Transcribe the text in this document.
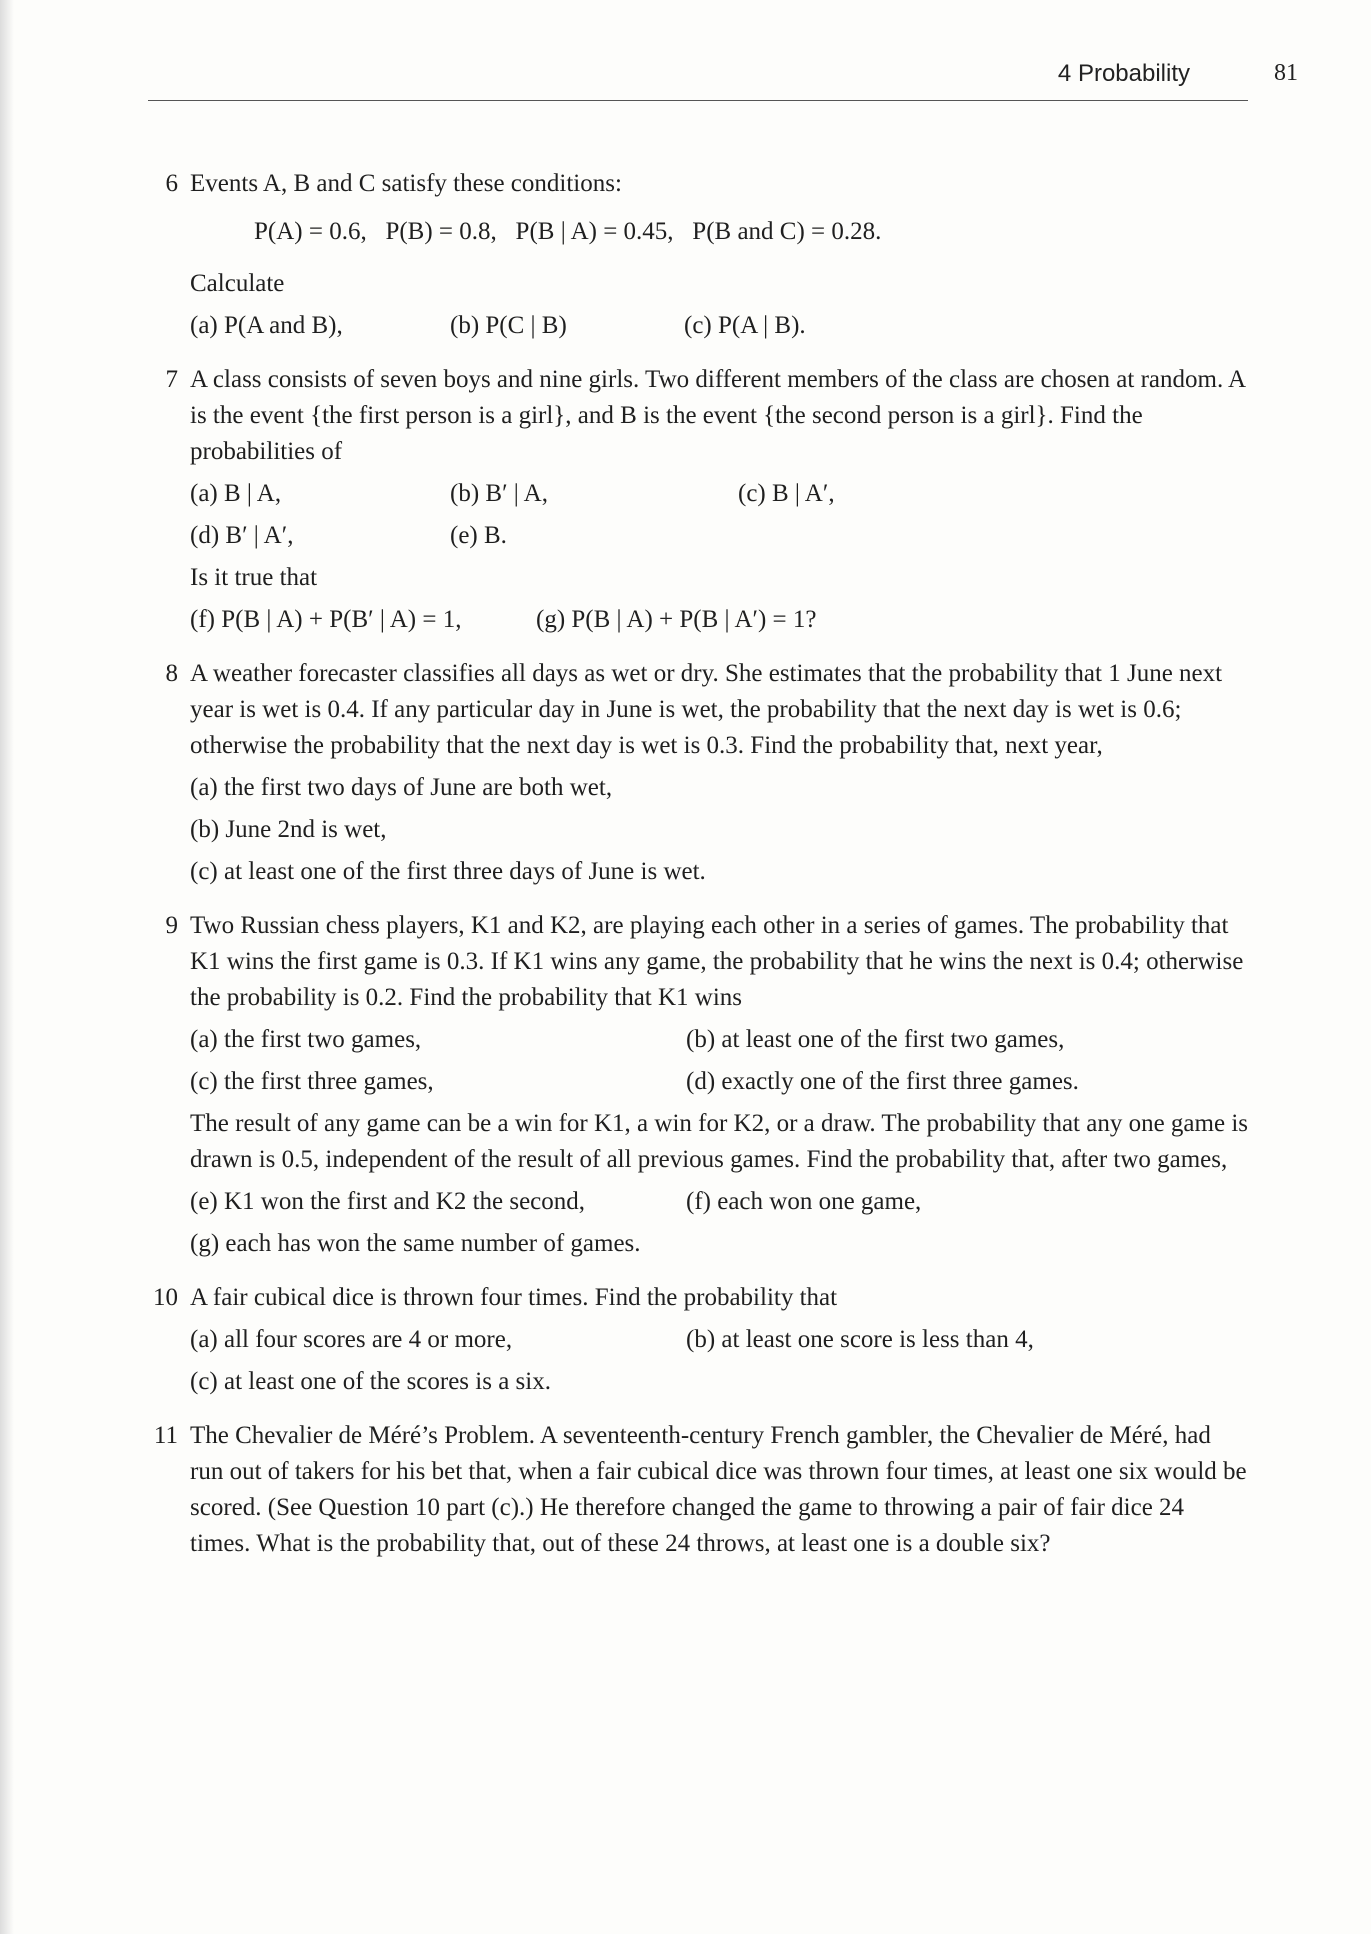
4 Probability	81
6 Events A, B and C satisfy these conditions:

P(A) = 0.6,   P(B) = 0.8,   P(B | A) = 0.45,   P(B and C) = 0.28.

Calculate

(a) P(A and B),	(b) P(C | B)	(c) P(A | B).
7 A class consists of seven boys and nine girls. Two different members of the class are chosen at random. A is the event {the first person is a girl}, and B is the event {the second person is a girl}. Find the probabilities of

(a) B | A,	(b) B′ | A,	(c) B | A′,
(d) B′ | A′,	(e) B.

Is it true that

(f) P(B | A) + P(B′ | A) = 1,	(g) P(B | A) + P(B | A′) = 1?
8 A weather forecaster classifies all days as wet or dry. She estimates that the probability that 1 June next year is wet is 0.4. If any particular day in June is wet, the probability that the next day is wet is 0.6; otherwise the probability that the next day is wet is 0.3. Find the probability that, next year,

(a) the first two days of June are both wet,
(b) June 2nd is wet,
(c) at least one of the first three days of June is wet.
9 Two Russian chess players, K1 and K2, are playing each other in a series of games. The probability that K1 wins the first game is 0.3. If K1 wins any game, the probability that he wins the next is 0.4; otherwise the probability is 0.2. Find the probability that K1 wins

(a) the first two games,	(b) at least one of the first two games,
(c) the first three games,	(d) exactly one of the first three games.

The result of any game can be a win for K1, a win for K2, or a draw. The probability that any one game is drawn is 0.5, independent of the result of all previous games. Find the probability that, after two games,

(e) K1 won the first and K2 the second,	(f) each won one game,
(g) each has won the same number of games.
10 A fair cubical dice is thrown four times. Find the probability that

(a) all four scores are 4 or more,	(b) at least one score is less than 4,
(c) at least one of the scores is a six.
11 The Chevalier de Méré’s Problem. A seventeenth-century French gambler, the Chevalier de Méré, had run out of takers for his bet that, when a fair cubical dice was thrown four times, at least one six would be scored. (See Question 10 part (c).) He therefore changed the game to throwing a pair of fair dice 24 times. What is the probability that, out of these 24 throws, at least one is a double six?
